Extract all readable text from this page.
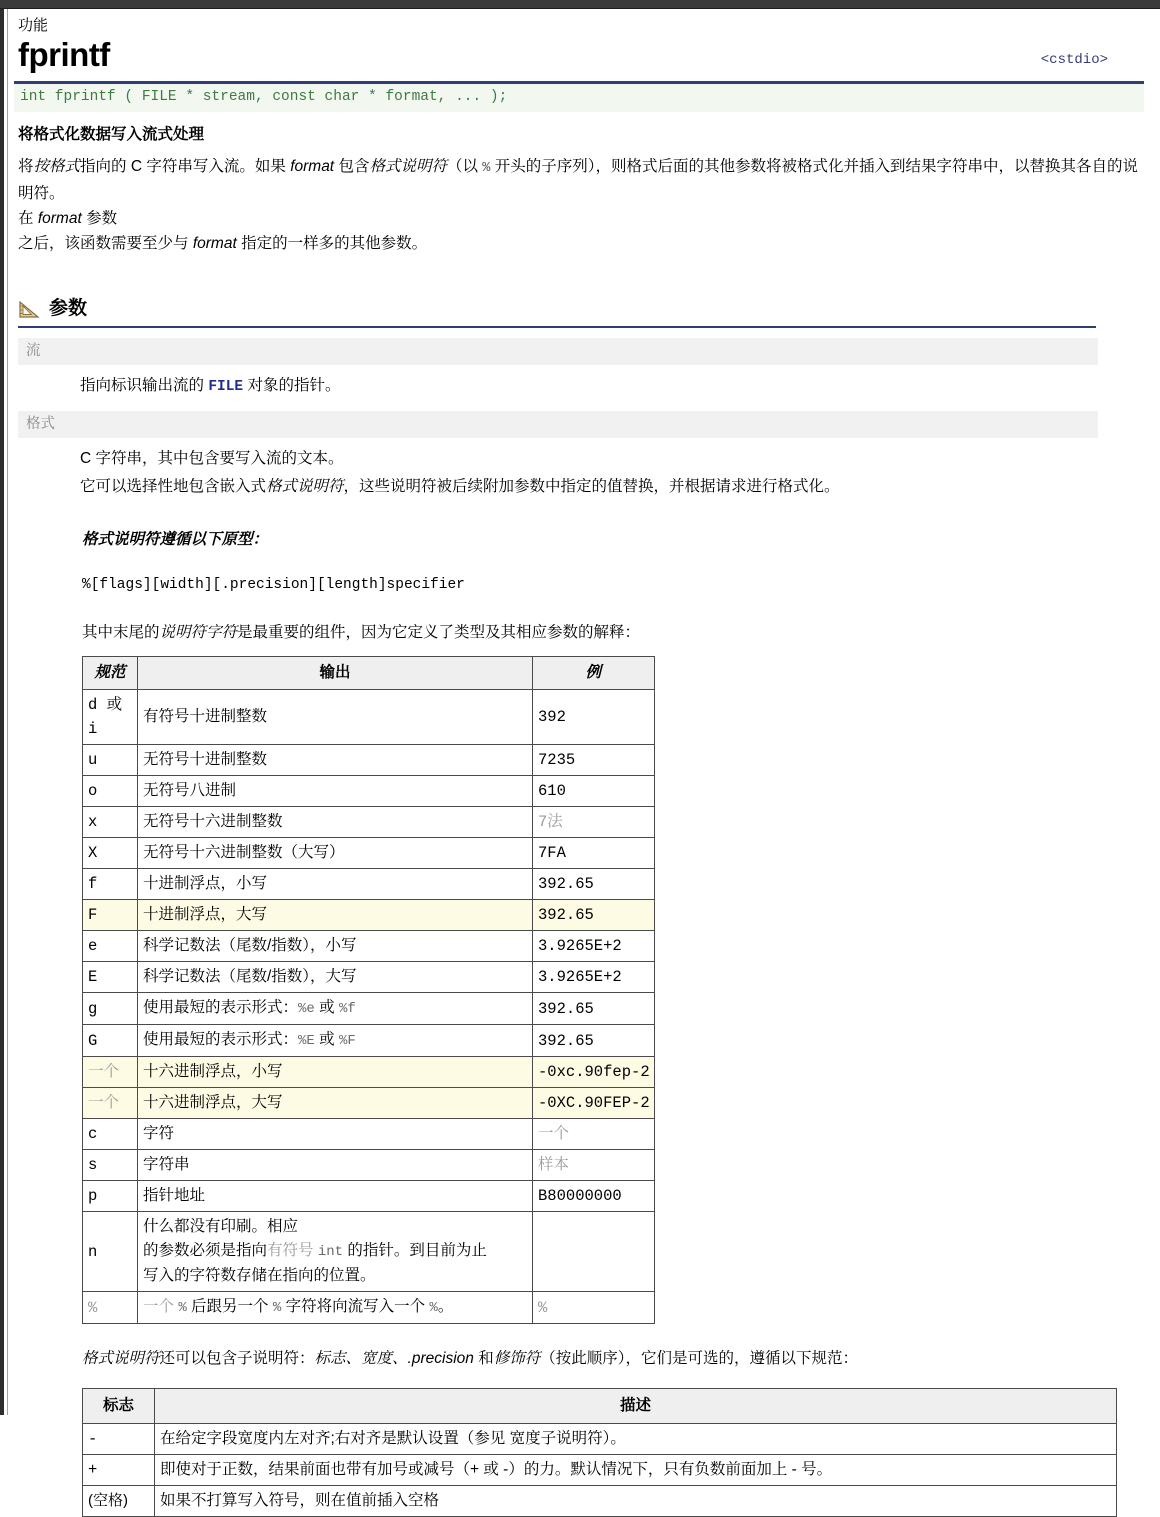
功能
fprintf	<cstdio>
int fprintf ( FILE * stream, const char * format, ... );
将格式化数据写入流式处理

将按格式指向的 C 字符串写入流。如果 format 包含格式说明符（以 % 开头的子序列），则格式后面的其他参数将被格式化并插入到结果字符串中，以替换其各自的说明符。

在 format 参数

之后，该函数需要至少与 format 指定的一样多的其他参数。

参数
流

指向标识输出流的 FILE 对象的指针。

格式

C 字符串，其中包含要写入流的文本。

它可以选择性地包含嵌入式格式说明符，这些说明符被后续附加参数中指定的值替换，并根据请求进行格式化。

格式说明符遵循以下原型：
%[flags][width][.precision][length]specifier
其中末尾的说明符字符是最重要的组件，因为它定义了类型及其相应参数的解释：
规范	输出	例
d 或 i	有符号十进制整数	392
u	无符号十进制整数	7235
o	无符号八进制	610
x	无符号十六进制整数	7法
X	无符号十六进制整数（大写）	7FA
f	十进制浮点，小写	392.65
F	十进制浮点，大写	392.65
e	科学记数法（尾数/指数），小写	3.9265E+2
E	科学记数法（尾数/指数），大写	3.9265E+2
g	使用最短的表示形式：%e 或 %f	392.65
G	使用最短的表示形式：%E 或 %F	392.65
一个	十六进制浮点，小写	-0xc.90fep-2
一个	十六进制浮点，大写	-0XC.90FEP-2
c	字符	一个
s	字符串	样本
p	指针地址	B80000000
n	什么都没有印刷。相应
的参数必须是指向有符号 int 的指针。到目前为止
写入的字符数存储在指向的位置。	
%	一个 % 后跟另一个 % 字符将向流写入一个 %。	%
格式说明符还可以包含子说明符：标志、宽度、.precision 和修饰符（按此顺序），它们是可选的，遵循以下规范：
标志	描述
-	在给定字段宽度内左对齐;右对齐是默认设置（参见 宽度子说明符）。
+	即使对于正数，结果前面也带有加号或减号（+ 或 -）的力。默认情况下，只有负数前面加上 - 号。
(空格)	如果不打算写入符号，则在值前插入空格
